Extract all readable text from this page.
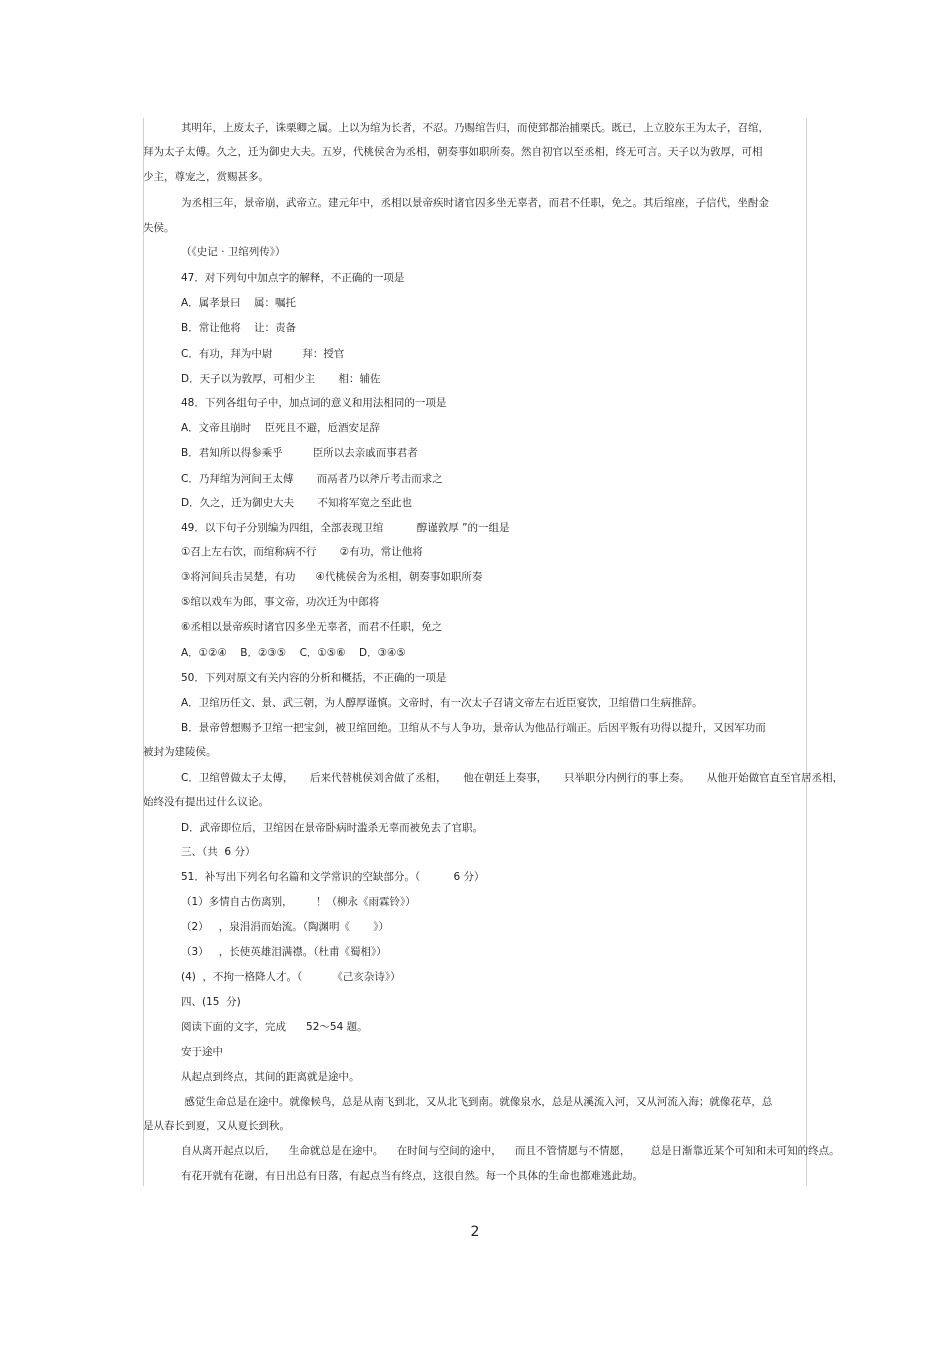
其明年，上废太子，诛栗卿之属。上以为绾为长者，不忍。乃赐绾告归，而使郅都治捕栗氏。既已，上立胶东王为太子，召绾，
拜为太子太傅。久之，迁为御史大夫。五岁，代桃侯舍为丞相，朝奏事如职所奏。然自初官以至丞相，终无可言。天子以为敦厚，可相
少主，尊宠之，赏赐甚多。
为丞相三年，景帝崩，武帝立。建元年中，丞相以景帝疾时诸官囚多坐无辜者，而君不任职，免之。其后绾座，子信代，坐酎金
失侯。
（《史记 · 卫绾列传》）
47．对下列句中加点字的解释，不正确的一项是
A．属孝景曰    属：嘱托
B．常让他将    让：责备
C．有功，拜为中尉         拜：授官
D．天子以为敦厚，可相少主       相：辅佐
48．下列各组句子中，加点词的意义和用法相同的一项是
A．文帝且崩时    臣死且不避，卮酒安足辞
B．君知所以得参乘乎         臣所以去亲戚而事君者
C．乃拜绾为河间王太傅       而鬲者乃以斧斤考击而求之
D．久之，迁为御史大夫       不知将军宽之至此也
49．以下句子分别编为四组，全部表现卫绾          醇谨敦厚 ”的一组是
①召上左右饮，而绾称病不行       ②有功，常让他将
③将河间兵击吴楚，有功      ④代桃侯舍为丞相，朝奏事如职所奏
⑤绾以戏车为郎，事文帝，功次迁为中郎将
⑥丞相以景帝疾时诸官囚多坐无辜者，而君不任职，免之
A．①②④    B．②③⑤    C．①⑤⑥    D．③④⑤
50．下列对原文有关内容的分析和概括，不正确的一项是
A．卫绾历任文、景、武三朝，为人醇厚谨慎。文帝时，有一次太子召请文帝左右近臣宴饮，卫绾借口生病推辞。
B．景帝曾想赐予卫绾一把宝剑，被卫绾回绝。卫绾从不与人争功，景帝认为他品行端正。后因平叛有功得以提升，又因军功而
被封为建陵侯。
C．卫绾曾做太子太傅，     后来代替桃侯刘舍做了丞相，     他在朝廷上奏事，     只举职分内例行的事上奏。     从他开始做官直至官居丞相，
始终没有提出过什么议论。
D．武帝即位后，卫绾因在景帝卧病时滥杀无辜而被免去了官职。
三、（共  6 分）
51．补写出下列名句名篇和文学常识的空缺部分。（          6 分）
（1）多情自古伤离别，       ！（柳永《雨霖铃》）
（2）   ，泉涓涓而始流。（陶渊明《       》）
（3）   ，长使英雄泪满襟。（杜甫《蜀相》）
(4)  ，不拘一格降人才。（         《己亥杂诗》）
四、(15  分)
阅读下面的文字，完成      52～54 题。
安于途中
从起点到终点，其间的距离就是途中。
感觉生命总是在途中。就像候鸟，总是从南飞到北，又从北飞到南。就像泉水，总是从溪流入河，又从河流入海；就像花草，总
是从春长到夏，又从夏长到秋。
自从离开起点以后，    生命就总是在途中。    在时间与空间的途中，    而且不管情愿与不情愿，      总是日渐靠近某个可知和未可知的终点。
有花开就有花谢，有日出总有日落，有起点当有终点，这很自然。每一个具体的生命也都难逃此劫。
2
